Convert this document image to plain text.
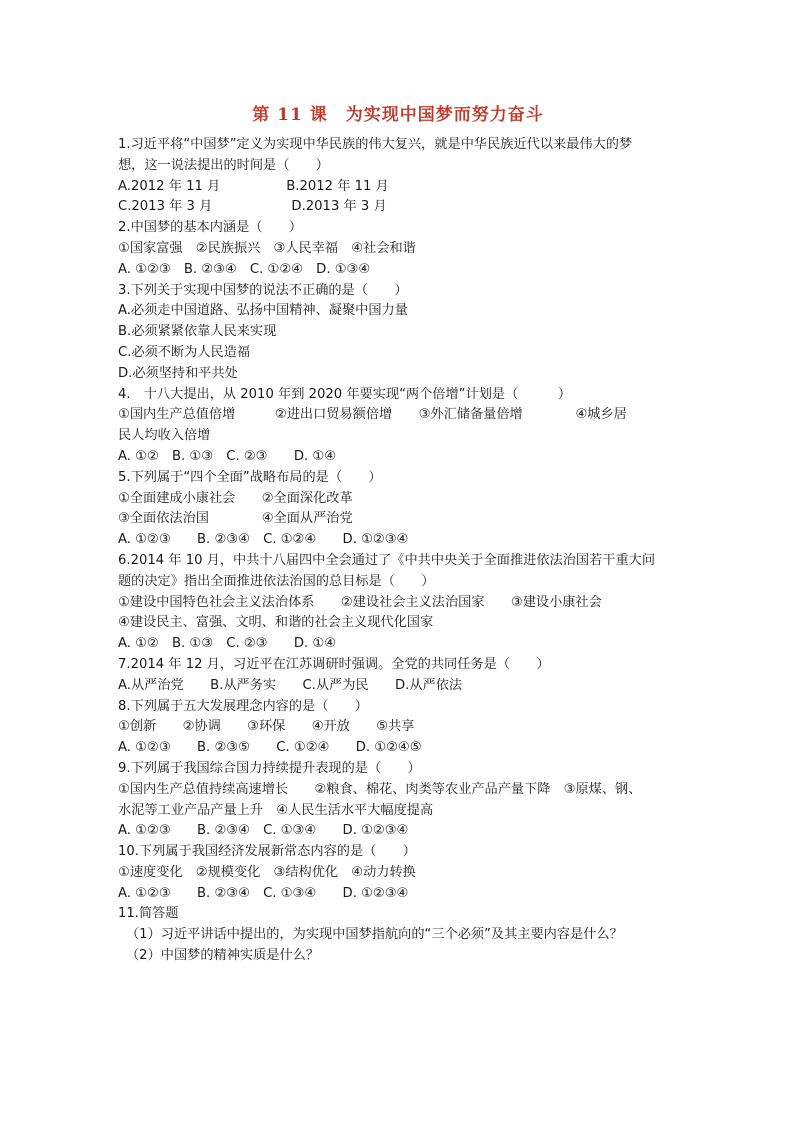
第 11 课　为实现中国梦而努力奋斗
1.习近平将“中国梦”定义为实现中华民族的伟大复兴，就是中华民族近代以来最伟大的梦
想，这一说法提出的时间是（　　）
A.2012 年 11 月　　　　　B.2012 年 11 月
C.2013 年 3 月　　　　　　D.2013 年 3 月
2.中国梦的基本内涵是（　　）
①国家富强　②民族振兴　③人民幸福　④社会和谐
A. ①②③　B. ②③④　C. ①②④　D. ①③④
3.下列关于实现中国梦的说法不正确的是（　　）
A.必须走中国道路、弘扬中国精神、凝聚中国力量
B.必须紧紧依靠人民来实现
C.必须不断为人民造福
D.必须坚持和平共处
4.　十八大提出，从 2010 年到 2020 年要实现“两个倍增”计划是（　　　）
①国内生产总值倍增　　　②进出口贸易额倍增　　③外汇储备量倍增　　　　④城乡居
民人均收入倍增
A. ①②　B. ①③　C. ②③　　D. ①④
5.下列属于“四个全面”战略布局的是（　　）
①全面建成小康社会　　②全面深化改革
③全面依法治国　　　　④全面从严治党
A. ①②③　　B. ②③④　C. ①②④　　D. ①②③④
6.2014 年 10 月，中共十八届四中全会通过了《中共中央关于全面推进依法治国若干重大问
题的决定》指出全面推进依法治国的总目标是（　　）
①建设中国特色社会主义法治体系　　②建设社会主义法治国家　　③建设小康社会
④建设民主、富强、文明、和谐的社会主义现代化国家
A. ①②　B. ①③　C. ②③　　D. ①④
7.2014 年 12 月，习近平在江苏调研时强调。全党的共同任务是（　　）
A.从严治党　　B.从严务实　　C.从严为民　　D.从严依法
8.下列属于五大发展理念内容的是（　　）
①创新　　②协调　　③环保　　④开放　　⑤共享
A. ①②③　　B. ②③⑤　　C. ①②④　　D. ①②④⑤
9.下列属于我国综合国力持续提升表现的是（　　）
①国内生产总值持续高速增长　　②粮食、棉花、肉类等农业产品产量下降　③原煤、钢、
水泥等工业产品产量上升　④人民生活水平大幅度提高
A. ①②③　　B. ②③④　C. ①③④　　D. ①②③④
10.下列属于我国经济发展新常态内容的是（　　）
①速度变化　②规模变化　③结构优化　④动力转换
A. ①②③　　B. ②③④　C. ①③④　　D. ①②③④
11.简答题
（1）习近平讲话中提出的，为实现中国梦指航向的“三个必须”及其主要内容是什么？
（2）中国梦的精神实质是什么？
